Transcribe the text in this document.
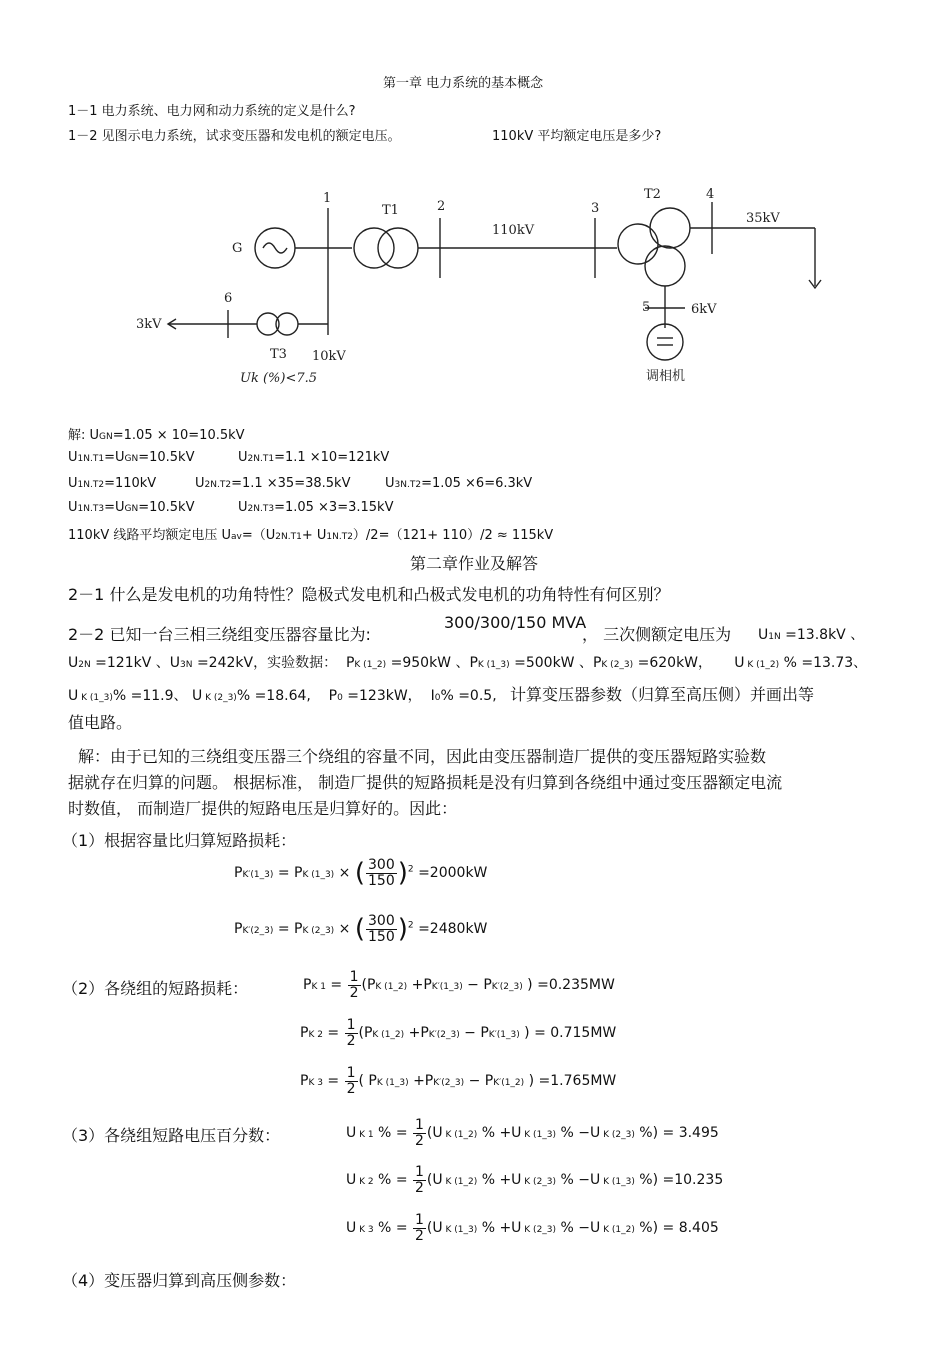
第一章 电力系统的基本概念
1－1 电力系统、电力网和动力系统的定义是什么?
1－2 见图示电力系统，试求变压器和发电机的额定电压。	110kV 平均额定电压是多少?
G
1
T1	2
110kV
3
T2	4
35kV
5	6kV
调相机
6
3kV
T3 10kV
Uk (%)<7.5
解: UGN=1.05 × 10=10.5kV
U1N.T1=UGN=10.5kV	U2N.T1=1.1 ×10=121kV
U1N.T2=110kV	U2N.T2=1.1 ×35=38.5kV	U3N.T2=1.05 ×6=6.3kV
U1N.T3=UGN=10.5kV	U2N.T3=1.05 ×3=3.15kV
110kV 线路平均额定电压 Uav=（U2N.T1+ U1N.T2）/2=（121+ 110）/2 ≈ 115kV
第二章作业及解答
2－1 什么是发电机的功角特性？隐极式发电机和凸极式发电机的功角特性有何区别？
2－2 已知一台三相三绕组变压器容量比为:
300/300/150 MVA
， 三次侧额定电压为 U1N =13.8kV 、
U2N =121kV 、U3N =242kV，实验数据：  PK (1_2) =950kW 、PK (1_3) =500kW 、PK (2_3) =620kW，     U K (1_2) % =13.73、
U K (1_3)% =11.9、 U K (2_3)% =18.64,    P0 =123kW，  I0% =0.5, 计算变压器参数（归算至高压侧）并画出等
值电路。
解：由于已知的三绕组变压器三个绕组的容量不同，因此由变压器制造厂提供的变压器短路实验数
据就存在归算的问题。 根据标准， 制造厂提供的短路损耗是没有归算到各绕组中通过变压器额定电流
时数值， 而制造厂提供的短路电压是归算好的。因此：
（1）根据容量比归算短路损耗：
PK′(1_3) = PK (1_3) × ( $\frac{300}{150} )^2 =2000kW$
PK′(2_3) = PK (2_3) × ( $\frac{300}{150} )^2 =2480kW$
（2）各绕组的短路损耗：	PK $1 = \frac{1}{2} (PK$ (1_2) +PK′(1_3) − PK′(2_3) ) =0.235MW
PK $2 = \frac{1}{2} (PK$ (1_2) +PK′(2_3) − PK′(1_3) ) = 0.715MW
PK $3 = \frac{1}{2}$ ( PK (1_3) +PK′(2_3) − PK′(1_2) ) =1.765MW
（3）各绕组短路电压百分数：	U K 1 % = $\frac{1}{2} (U$ K (1_2) % +U K (1_3) % −U K (2_3) %) = 3.495
U K 2 % = $\frac{1}{2} (U$ K (1_2) % +U K (2_3) % −U K (1_3) %) =10.235
U K 3 % = $\frac{1}{2} (U$ K (1_3) % +U K (2_3) % −U K (1_2) %) = 8.405
（4）变压器归算到高压侧参数：
